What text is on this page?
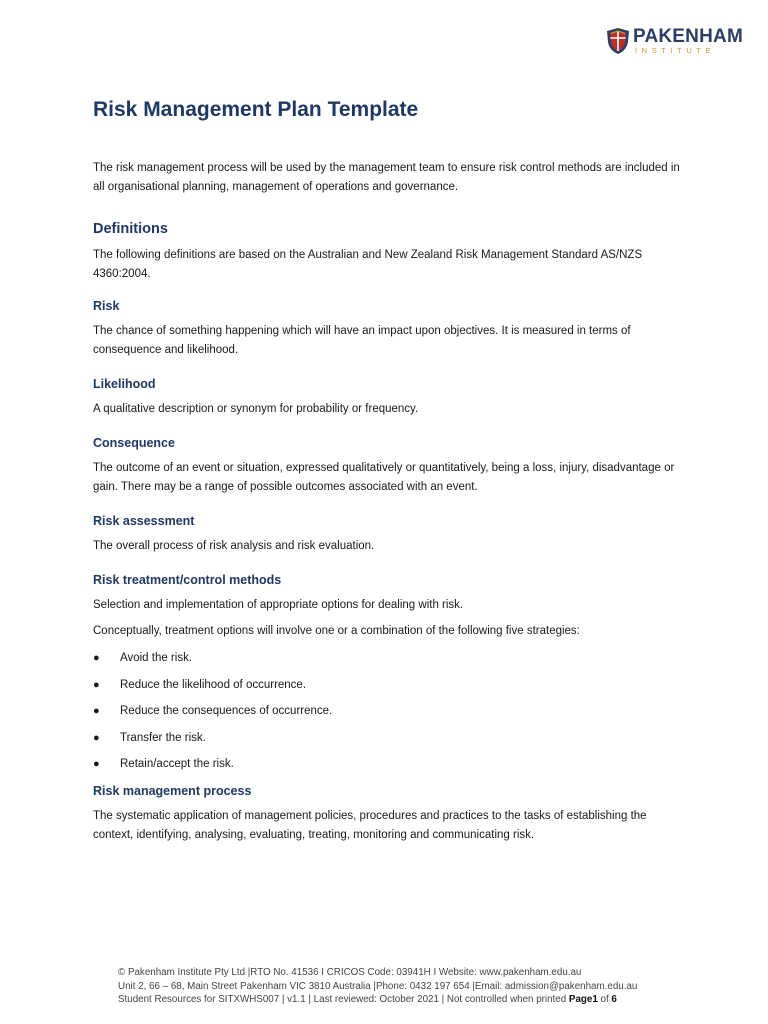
PAKENHAM
INSTITUTE
Risk Management Plan Template

The risk management process will be used by the management team to ensure risk control methods are included in all organisational planning, management of operations and governance.

Definitions

The following definitions are based on the Australian and New Zealand Risk Management Standard AS/NZS 4360:2004.

Risk

The chance of something happening which will have an impact upon objectives. It is measured in terms of consequence and likelihood.

Likelihood

A qualitative description or synonym for probability or frequency.

Consequence

The outcome of an event or situation, expressed qualitatively or quantitatively, being a loss, injury, disadvantage or gain. There may be a range of possible outcomes associated with an event.

Risk assessment

The overall process of risk analysis and risk evaluation.

Risk treatment/control methods

Selection and implementation of appropriate options for dealing with risk.

Conceptually, treatment options will involve one or a combination of the following five strategies:

● Avoid the risk.
● Reduce the likelihood of occurrence.
● Reduce the consequences of occurrence.
● Transfer the risk.
● Retain/accept the risk.
Risk management process

The systematic application of management policies, procedures and practices to the tasks of establishing the context, identifying, analysing, evaluating, treating, monitoring and communicating risk.

© Pakenham Institute Pty Ltd |RTO No. 41536 I CRICOS Code: 03941H I Website: www.pakenham.edu.au
Unit 2, 66 – 68, Main Street Pakenham VIC 3810 Australia |Phone: 0432 197 654 |Email: admission@pakenham.edu.au
Student Resources for SITXWHS007 | v1.1 | Last reviewed: October 2021 | Not controlled when printed Page1 of 6
